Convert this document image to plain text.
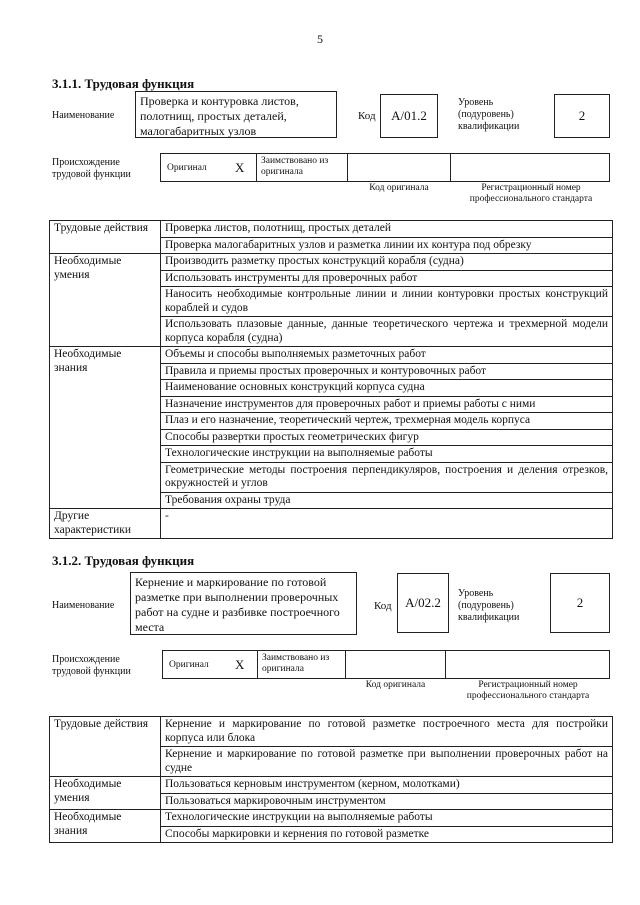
5
3.1.1. Трудовая функция
Наименование
Проверка и контуровка листов, полотнищ, простых деталей, малогабаритных узлов
Код А/01.2
Уровень (подуровень) квалификации
2
Происхождение трудовой функции
Оригинал X Заимствовано из оригинала
Код оригинала	Регистрационный номер профессионального стандарта
Трудовые действия	Проверка листов, полотнищ, простых деталей
	Проверка малогабаритных узлов и разметка линии их контура под обрезку
Необходимые умения	Производить разметку простых конструкций корабля (судна)
	Использовать инструменты для проверочных работ
	Наносить необходимые контрольные линии и линии контуровки простых конструкций кораблей и судов
	Использовать плазовые данные, данные теоретического чертежа и трехмерной модели корпуса корабля (судна)
Необходимые знания	Объемы и способы выполняемых разметочных работ
	Правила и приемы простых проверочных и контуровочных работ
	Наименование основных конструкций корпуса судна
	Назначение инструментов для проверочных работ и приемы работы с ними
	Плаз и его назначение, теоретический чертеж, трехмерная модель корпуса
	Способы развертки простых геометрических фигур
	Технологические инструкции на выполняемые работы
	Геометрические методы построения перпендикуляров, построения и деления отрезков, окружностей и углов
	Требования охраны труда
Другие характеристики	-
3.1.2. Трудовая функция
Наименование
Кернение и маркирование по готовой разметке при выполнении проверочных работ на судне и разбивке построечного места
Код А/02.2
Уровень (подуровень) квалификации
2
Происхождение трудовой функции
Оригинал X Заимствовано из оригинала
Код оригинала	Регистрационный номер профессионального стандарта
Трудовые действия	Кернение и маркирование по готовой разметке построечного места для постройки корпуса или блока
	Кернение и маркирование по готовой разметке при выполнении проверочных работ на судне
Необходимые умения	Пользоваться керновым инструментом (керном, молотками)
	Пользоваться маркировочным инструментом
Необходимые знания	Технологические инструкции на выполняемые работы
	Способы маркировки и кернения по готовой разметке
